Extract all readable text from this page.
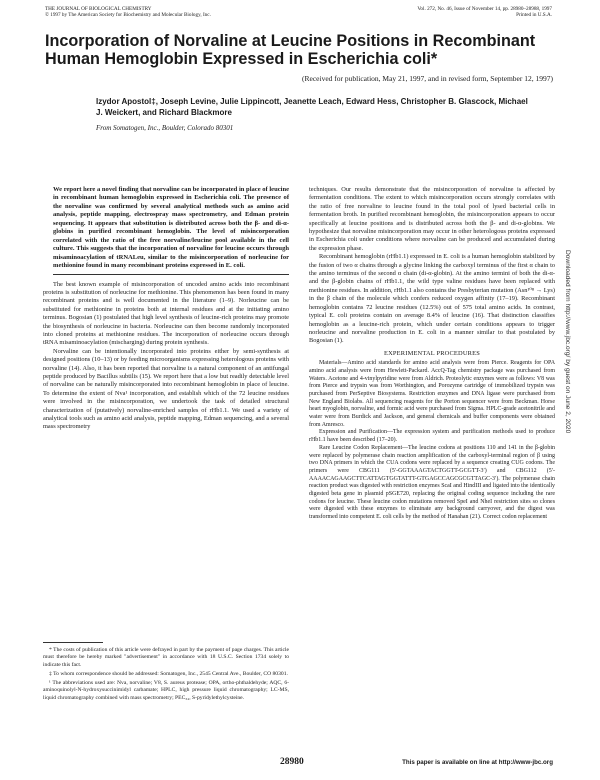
THE JOURNAL OF BIOLOGICAL CHEMISTRY
© 1997 by The American Society for Biochemistry and Molecular Biology, Inc.
Vol. 272, No. 46, Issue of November 14, pp. 28980–28988, 1997
Printed in U.S.A.
Incorporation of Norvaline at Leucine Positions in Recombinant Human Hemoglobin Expressed in Escherichia coli*
(Received for publication, May 21, 1997, and in revised form, September 12, 1997)
Izydor Apostol‡, Joseph Levine, Julie Lippincott, Jeanette Leach, Edward Hess, Christopher B. Glascock, Michael J. Weickert, and Richard Blackmore
From Somatogen, Inc., Boulder, Colorado 80301

We report here a novel finding that norvaline can be incorporated in place of leucine in recombinant human hemoglobin expressed in Escherichia coli. The presence of the norvaline was confirmed by several analytical methods such as amino acid analysis, peptide mapping, electrospray mass spectrometry, and Edman protein sequencing. It appears that substitution is distributed across both the β- and di-α-globins in purified recombinant hemoglobin. The level of misincorporation correlated with the ratio of the free norvaline/leucine pool available in the cell culture. This suggests that the incorporation of norvaline for leucine occurs through misaminoacylation of tRNALeu, similar to the misincorporation of norleucine for methionine found in many recombinant proteins expressed in E. coli.

The best known example of misincorporation of uncoded amino acids into recombinant proteins is substitution of norleucine for methionine. This phenomenon has been found in many recombinant proteins and is well documented in the literature (1–9). Norleucine can be substituted for methionine in proteins both at internal residues and at the initiating amino terminus. Bogosian (1) postulated that high level synthesis of leucine-rich proteins may promote the biosynthesis of norleucine in bacteria. Norleucine can then become randomly incorporated into cloned proteins at methionine residues. The incorporation of norleucine occurs through tRNA misaminoacylation (mischarging) during protein synthesis.

Norvaline can be intentionally incorporated into proteins either by semi-synthesis at designed positions (10–13) or by feeding microorganisms expressing heterologous proteins with norvaline (14). Also, it has been reported that norvaline is a natural component of an antifungal peptide produced by Bacillus subtilis (15). We report here that a low but readily detectable level of norvaline can be naturally misincorporated into recombinant hemoglobin in place of leucine. To determine the extent of Nva¹ incorporation, and establish which of the 72 leucine residues were involved in the misincorporation, we undertook the task of detailed structural characterization of (putatively) norvaline-enriched samples of rHb1.1. We used a variety of analytical tools such as amino acid analysis, peptide mapping, Edman sequencing, and a several mass spectrometry

* The costs of publication of this article were defrayed in part by the payment of page charges. This article must therefore be hereby marked "advertisement" in accordance with 18 U.S.C. Section 1734 solely to indicate this fact.

‡ To whom correspondence should be addressed: Somatogen, Inc., 2545 Central Ave., Boulder, CO 80301.

¹ The abbreviations used are: Nva, norvaline; V8, S. aureus protease; OPA, ortho-phthaldehyde; AQC, 6-aminoquinolyl-N-hydroxysuccinimidyl carbamate; HPLC, high pressure liquid chromatography; LC-MS, liquid chromatography combined with mass spectrometry; PEC₃₄, S-pyridylethylcysteine.

techniques. Our results demonstrate that the misincorporation of norvaline is affected by fermentation conditions. The extent to which misincorporation occurs strongly correlates with the ratio of free norvaline to leucine found in the total pool of lysed bacterial cells in fermentation broth. In purified recombinant hemoglobin, the misincorporation appears to occur specifically at leucine positions and is distributed across both the β- and di-α-globins. We hypothesize that norvaline misincorporation may occur in other heterologous proteins expressed in Escherichia coli under conditions where norvaline can be produced and accumulated during the expression phase.

Recombinant hemoglobin (rHb1.1) expressed in E. coli is a human hemoglobin stabilized by the fusion of two α chains through a glycine linking the carboxyl terminus of the first α chain to the amino terminus of the second α chain (di-α-globin). At the amino termini of both the di-α- and the β-globin chains of rHb1.1, the wild type valine residues have been replaced with methionine residues. In addition, rHb1.1 also contains the Presbyterian mutation (Asn¹⁰⁸ → Lys) in the β chain of the molecule which confers reduced oxygen affinity (17–19). Recombinant hemoglobin contains 72 leucine residues (12.5%) out of 575 total amino acids. In contrast, typical E. coli proteins contain on average 8.4% of leucine (16). That distinction classifies hemoglobin as a leucine-rich protein, which under certain conditions appears to trigger norleucine and norvaline production in E. coli in a manner similar to that postulated by Bogosian (1).

EXPERIMENTAL PROCEDURES

Materials—Amino acid standards for amino acid analysis were from Pierce. Reagents for OPA amino acid analysis were from Hewlett-Packard. AccQ-Tag chemistry package was purchased from Waters. Acetone and 4-vinylpyridine were from Aldrich. Proteolytic enzymes were as follows: V8 was from Pierce and trypsin was from Worthington, and Porozyme cartridge of immobilized trypsin was purchased from PerSeptive Biosystems. Restriction enzymes and DNA ligase were purchased from New England Biolabs. All sequencing reagents for the Porton sequencer were from Beckman. Horse heart myoglobin, norvaline, and formic acid were purchased from Sigma. HPLC-grade acetonitrile and water were from Burdick and Jackson, and general chemicals and buffer components were obtained from Amresco.

Expression and Purification—The expression system and purification methods used to produce rHb1.1 have been described (17–20).

Rare Leucine Codon Replacement—The leucine codons at positions 110 and 141 in the β-globin were replaced by polymerase chain reaction amplification of the carboxyl-terminal region of β using two DNA primers in which the CUA codons were replaced by a sequence creating CUG codons. The primers were CBG111 (5′-GGTAAAGTACTGGTT-GCGTT-3′) and CBG112 (5′-AAAACAGAAGCTTCATTAGTGGTATTT-GTGAGCCAGCGCGTTAGC-3′). The polymerase chain reaction product was digested with restriction enzymes ScaI and HindIII and ligated into the identically digested beta gene in plasmid pSGE720, replacing the original coding sequence including the rare codons for leucine. These leucine codon mutations removed SpeI and NheI restriction sites so clones were digested with these enzymes to eliminate any background carryover, and the digest was transformed into competent E. coli cells by the method of Hanahan (21). Correct codon replacement

Downloaded from http://www.jbc.org/ by guest on June 2, 2020
28980	This paper is available on line at http://www-jbc.org
